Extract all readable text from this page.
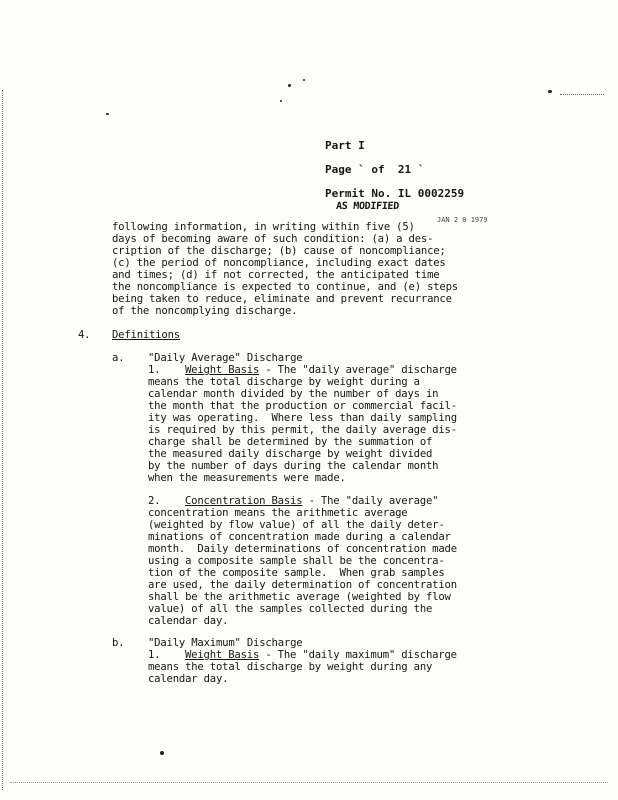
Part I
Page ` of  21 `
Permit No. IL 0002259
AS MODIFIED
JAN 2 0 1979
following information, in writing within five (5)
days of becoming aware of such condition: (a) a des-
cription of the discharge; (b) cause of noncompliance;
(c) the period of noncompliance, including exact dates
and times; (d) if not corrected, the anticipated time
the noncompliance is expected to continue, and (e) steps
being taken to reduce, eliminate and prevent recurrance
of the noncomplying discharge.
4. Definitions
a. "Daily Average" Discharge
1. Weight Basis - The "daily average" discharge
means the total discharge by weight during a
calendar month divided by the number of days in
the month that the production or commercial facil-
ity was operating.  Where less than daily sampling
is required by this permit, the daily average dis-
charge shall be determined by the summation of
the measured daily discharge by weight divided
by the number of days during the calendar month
when the measurements were made.
2. Concentration Basis - The "daily average"
concentration means the arithmetic average
(weighted by flow value) of all the daily deter-
minations of concentration made during a calendar
month.  Daily determinations of concentration made
using a composite sample shall be the concentra-
tion of the composite sample.  When grab samples
are used, the daily determination of concentration
shall be the arithmetic average (weighted by flow
value) of all the samples collected during the
calendar day.
b. "Daily Maximum" Discharge
1. Weight Basis - The "daily maximum" discharge
means the total discharge by weight during any
calendar day.
